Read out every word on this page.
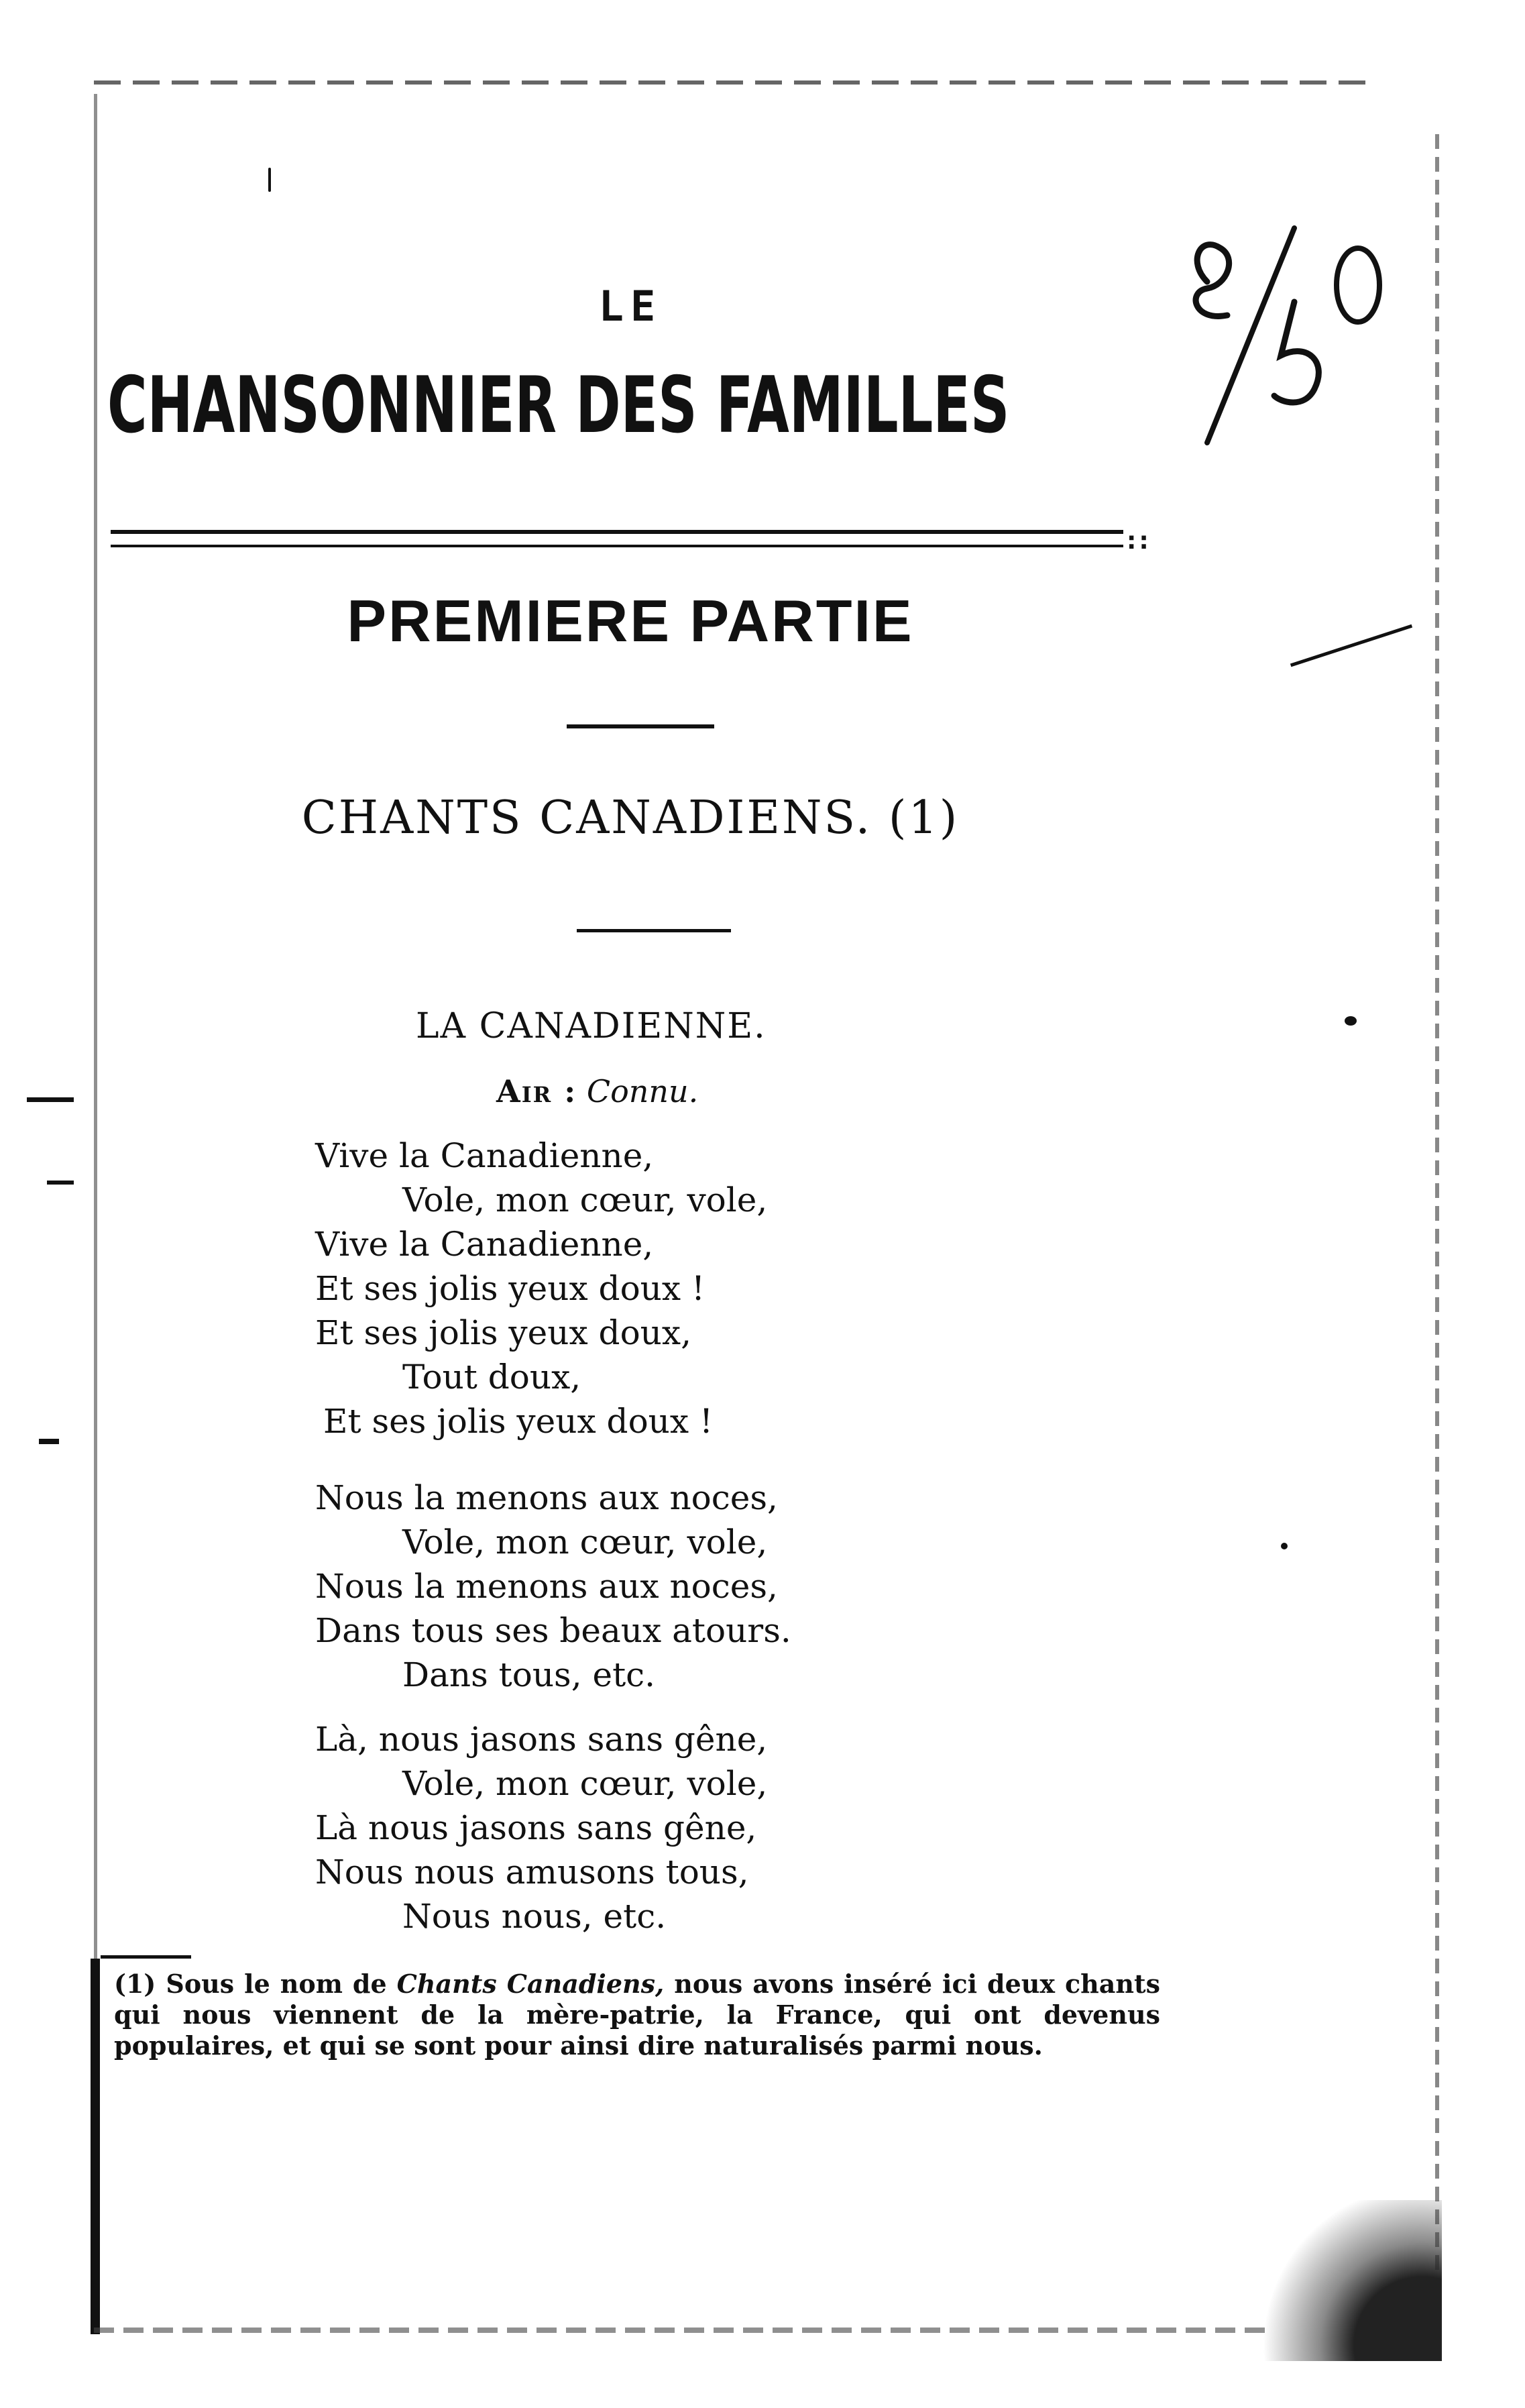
LE
CHANSONNIER DES FAMILLES
::
PREMIERE PARTIE
CHANTS CANADIENS. (1)
LA CANADIENNE.
Air : Connu.
Vive la Canadienne,
Vole, mon cœur, vole,
Vive la Canadienne,
Et ses jolis yeux doux !
Et ses jolis yeux doux,
Tout doux,
Et ses jolis yeux doux !
Nous la menons aux noces,
Vole, mon cœur, vole,
Nous la menons aux noces,
Dans tous ses beaux atours.
Dans tous, etc.
Là, nous jasons sans gêne,
Vole, mon cœur, vole,
Là nous jasons sans gêne,
Nous nous amusons tous,
Nous nous, etc.
(1) Sous le nom de Chants Canadiens, nous avons inséré ici deux chants qui nous viennent de la mère-patrie, la France, qui ont devenus populaires, et qui se sont pour ainsi dire naturalisés parmi nous.
